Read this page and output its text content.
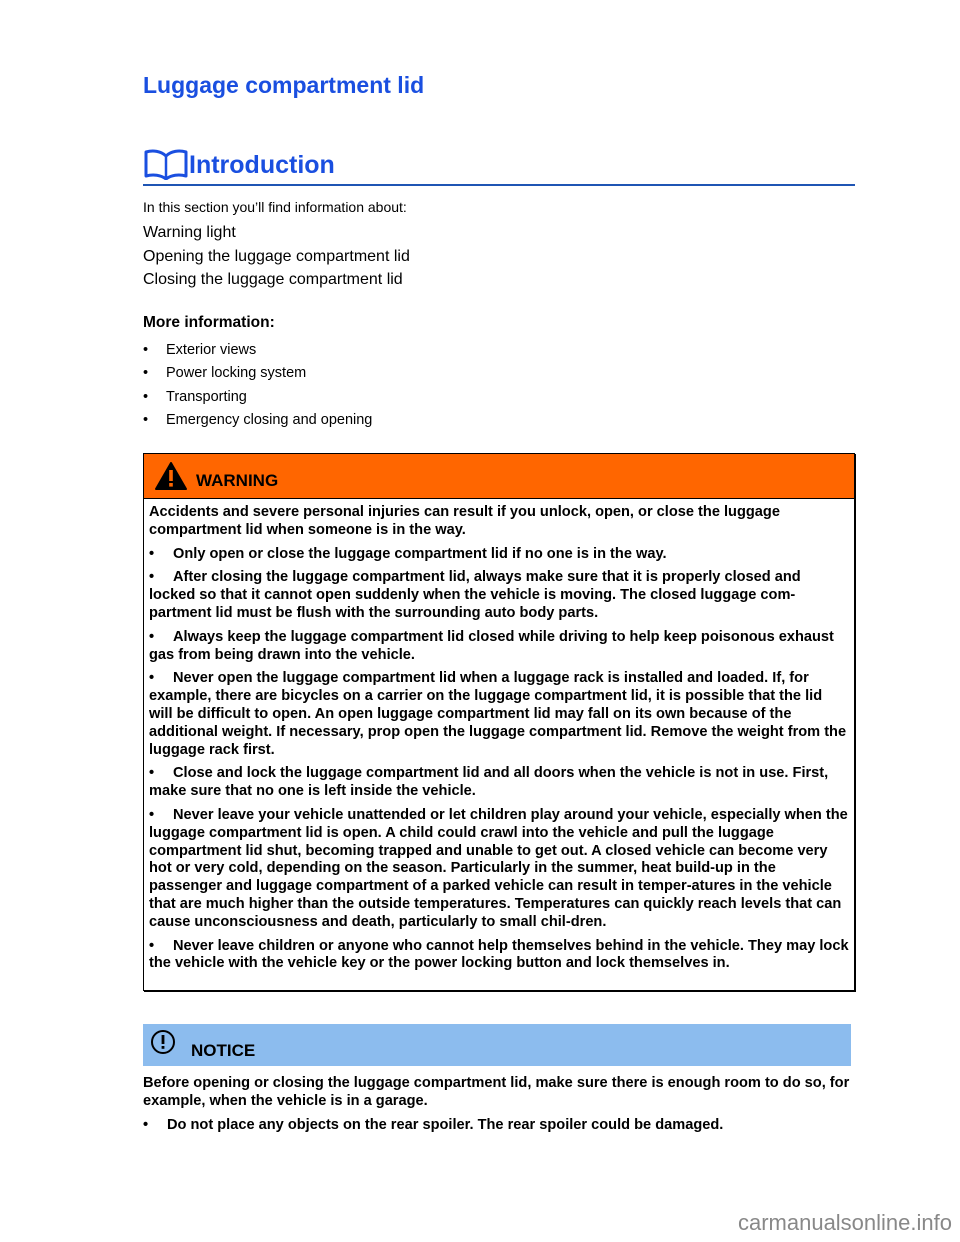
Luggage compartment lid
Introduction

In this section you’ll find information about:

Warning light
Opening the luggage compartment lid
Closing the luggage compartment lid
More information:
•	Exterior views
•	Power locking system
•	Transporting
•	Emergency closing and opening
WARNING

Accidents and severe personal injuries can result if you unlock, open, or close the luggage compartment lid when someone is in the way.

• Only open or close the luggage compartment lid if no one is in the way.

• After closing the luggage compartment lid, always make sure that it is properly closed and locked so that it cannot open suddenly when the vehicle is moving. The closed luggage com-partment lid must be flush with the surrounding auto body parts.

• Always keep the luggage compartment lid closed while driving to help keep poisonous exhaust gas from being drawn into the vehicle.

• Never open the luggage compartment lid when a luggage rack is installed and loaded. If, for example, there are bicycles on a carrier on the luggage compartment lid, it is possible that the lid will be difficult to open. An open luggage compartment lid may fall on its own because of the additional weight. If necessary, prop open the luggage compartment lid. Remove the weight from the luggage rack first.

• Close and lock the luggage compartment lid and all doors when the vehicle is not in use. First, make sure that no one is left inside the vehicle.

• Never leave your vehicle unattended or let children play around your vehicle, especially when the luggage compartment lid is open. A child could crawl into the vehicle and pull the luggage compartment lid shut, becoming trapped and unable to get out. A closed vehicle can become very hot or very cold, depending on the season. Particularly in the summer, heat build-up in the passenger and luggage compartment of a parked vehicle can result in temper-atures in the vehicle that are much higher than the outside temperatures. Temperatures can quickly reach levels that can cause unconsciousness and death, particularly to small chil-dren.

• Never leave children or anyone who cannot help themselves behind in the vehicle. They may lock the vehicle with the vehicle key or the power locking button and lock themselves in.

NOTICE

Before opening or closing the luggage compartment lid, make sure there is enough room to do so, for example, when the vehicle is in a garage.

• Do not place any objects on the rear spoiler. The rear spoiler could be damaged.

carmanualsonline.info
